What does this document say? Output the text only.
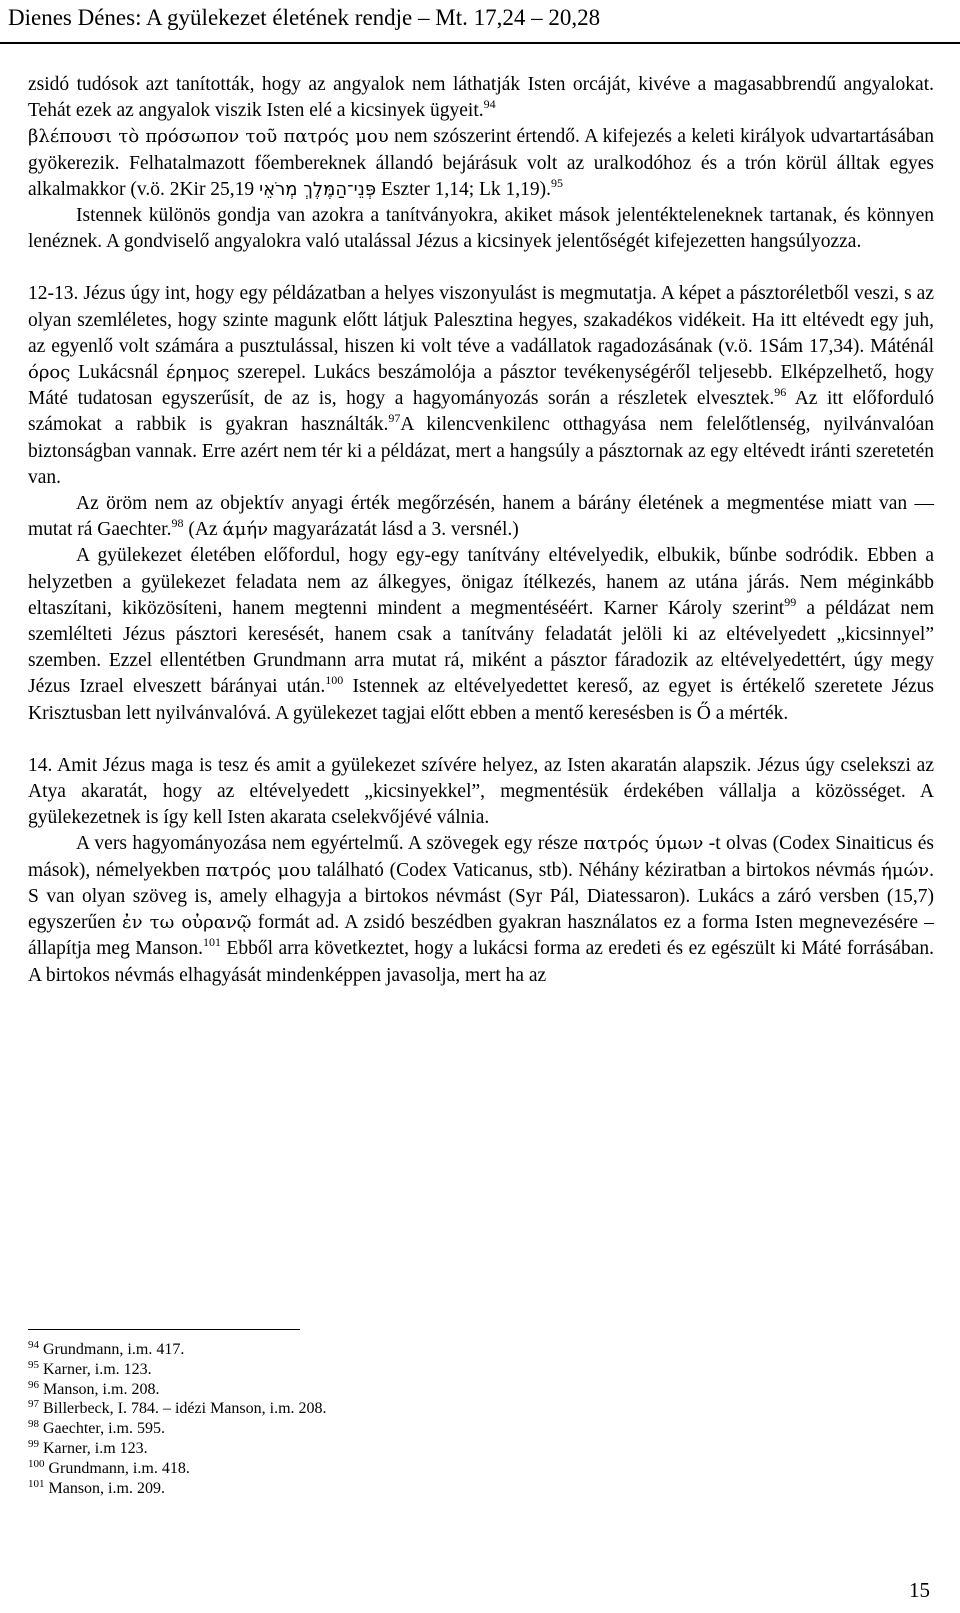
Dienes Dénes: A gyülekezet életének rendje – Mt. 17,24 – 20,28

zsidó tudósok azt tanították, hogy az angyalok nem láthatják Isten orcáját, kivéve a magasabbrendű angyalokat. Tehát ezek az angyalok viszik Isten elé a kicsinyek ügyeit.$^{94}$
βλέπουσι τὸ πρόσωπον τοῦ πατρός μου nem szószerint értendő. A kifejezés a keleti királyok udvartartásában gyökerezik. Felhatalmazott főembereknek állandó bejárásuk volt az uralkodóhoz és a trón körül álltak egyes alkalmakkor (v.ö. 2Kir 25,19 פְּנֵי־הַמֶּלֶךְ מְרֹאֵי Eszter 1,14; Lk 1,19).$^{95}$

Istennek különös gondja van azokra a tanítványokra, akiket mások jelentékteleneknek tartanak, és könnyen lenéznek. A gondviselő angyalokra való utalással Jézus a kicsinyek jelentőségét kifejezetten hangsúlyozza.

12-13. Jézus úgy int, hogy egy példázatban a helyes viszonyulást is megmutatja. A képet a pásztoréletből veszi, s az olyan szemléletes, hogy szinte magunk előtt látjuk Palesztina hegyes, szakadékos vidékeit. Ha itt eltévedt egy juh, az egyenlő volt számára a pusztulással, hiszen ki volt téve a vadállatok ragadozásának (v.ö. 1Sám 17,34). Máténál όρος Lukácsnál έρημος szerepel. Lukács beszámolója a pásztor tevékenységéről teljesebb. Elképzelhető, hogy Máté tudatosan egyszerűsít, de az is, hogy a hagyományozás során a részletek elvesztek.$^{96}$ Az itt előforduló számokat a rabbik is gyakran használták.$^{97}$A kilencvenkilenc otthagyása nem felelőtlenség, nyilvánvalóan biztonságban vannak. Erre azért nem tér ki a példázat, mert a hangsúly a pásztornak az egy eltévedt iránti szeretetén van.

Az öröm nem az objektív anyagi érték megőrzésén, hanem a bárány életének a megmentése miatt van — mutat rá Gaechter.$^{98}$ (Az άμήν magyarázatát lásd a 3. versnél.)

A gyülekezet életében előfordul, hogy egy-egy tanítvány eltévelyedik, elbukik, bűnbe sodródik. Ebben a helyzetben a gyülekezet feladata nem az álkegyes, önigaz ítélkezés, hanem az utána járás. Nem méginkább eltaszítani, kiközösíteni, hanem megtenni mindent a megmentéséért. Karner Károly szerint$^{99}$ a példázat nem szemlélteti Jézus pásztori keresését, hanem csak a tanítvány feladatát jelöli ki az eltévelyedett „kicsinnyel” szemben. Ezzel ellentétben Grundmann arra mutat rá, miként a pásztor fáradozik az eltévelyedettért, úgy megy Jézus Izrael elveszett bárányai után.$^{100}$ Istennek az eltévelyedettet kereső, az egyet is értékelő szeretete Jézus Krisztusban lett nyilvánvalóvá. A gyülekezet tagjai előtt ebben a mentő keresésben is Ő a mérték.

14. Amit Jézus maga is tesz és amit a gyülekezet szívére helyez, az Isten akaratán alapszik. Jézus úgy cselekszi az Atya akaratát, hogy az eltévelyedett „kicsinyekkel”, megmentésük érdekében vállalja a közösséget. A gyülekezetnek is így kell Isten akarata cselekvőjévé válnia.

A vers hagyományozása nem egyértelmű. A szövegek egy része πατρός ύμων -t olvas (Codex Sinaiticus és mások), némelyekben πατρός μου található (Codex Vaticanus, stb). Néhány kéziratban a birtokos névmás ήμών. S van olyan szöveg is, amely elhagyja a birtokos névmást (Syr Pál, Diatessaron). Lukács a záró versben (15,7) egyszerűen ἐν τω οὐρανῷ formát ad. A zsidó beszédben gyakran használatos ez a forma Isten megnevezésére – állapítja meg Manson.$^{101}$ Ebből arra következtet, hogy a lukácsi forma az eredeti és ez egészült ki Máté forrásában. A birtokos névmás elhagyását mindenképpen javasolja, mert ha az

$^{94}$ Grundmann, i.m. 417.
$^{95}$ Karner, i.m. 123.
$^{96}$ Manson, i.m. 208.
$^{97}$ Billerbeck, I. 784. – idézi Manson, i.m. 208.
$^{98}$ Gaechter, i.m. 595.
$^{99}$ Karner, i.m 123.
$^{100}$ Grundmann, i.m. 418.
$^{101}$ Manson, i.m. 209.
15
